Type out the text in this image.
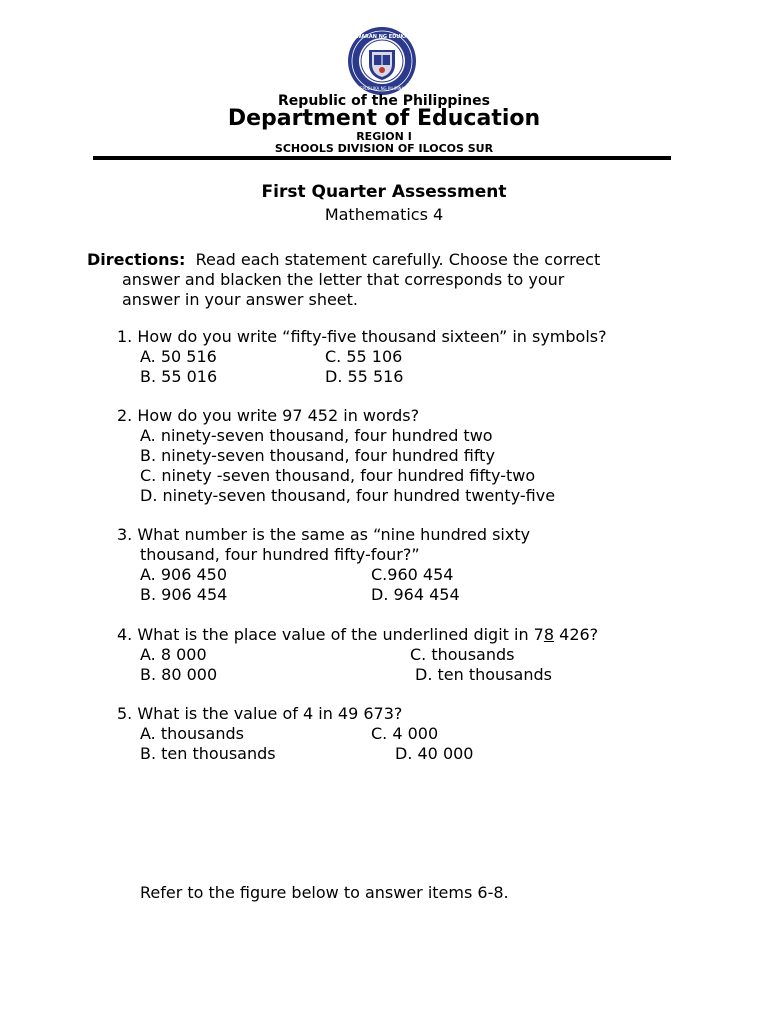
KAGAWARAN NG EDUKASYON
REPUBLIKA NG PILIPINAS
Republic of the Philippines
Department of Education
REGION I
SCHOOLS DIVISION OF ILOCOS SUR
First Quarter Assessment
Mathematics 4
Directions: Read each statement carefully. Choose the correct
answer and blacken the letter that corresponds to your
answer in your answer sheet.
1. How do you write “fifty-five thousand sixteen” in symbols?
A. 50 516	C. 55 106
B. 55 016	D. 55 516
2. How do you write 97 452 in words?
A. ninety-seven thousand, four hundred two
B. ninety-seven thousand, four hundred fifty
C. ninety -seven thousand, four hundred fifty-two
D. ninety-seven thousand, four hundred twenty-five
3. What number is the same as “nine hundred sixty
thousand, four hundred fifty-four?”
A. 906 450	C.960 454
B. 906 454	D. 964 454
4. What is the place value of the underlined digit in 78 426?
A. 8 000	C. thousands
B. 80 000	D. ten thousands
5. What is the value of 4 in 49 673?
A. thousands	C. 4 000
B. ten thousands	D. 40 000
Refer to the figure below to answer items 6-8.
